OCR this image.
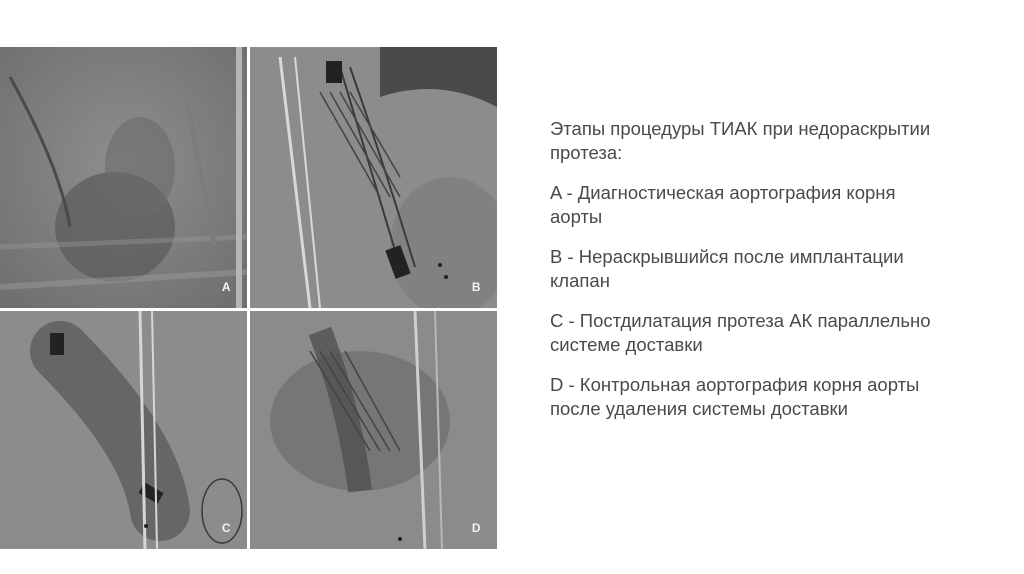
A	B
C	D

Этапы процедуры ТИАК при недораскрытии протеза:

A - Диагностическая аортография корня аорты

B - Нераскрывшийся после имплантации клапан

C - Постдилатация протеза АК параллельно системе доставки

D - Контрольная аортография корня аорты после удаления системы доставки
